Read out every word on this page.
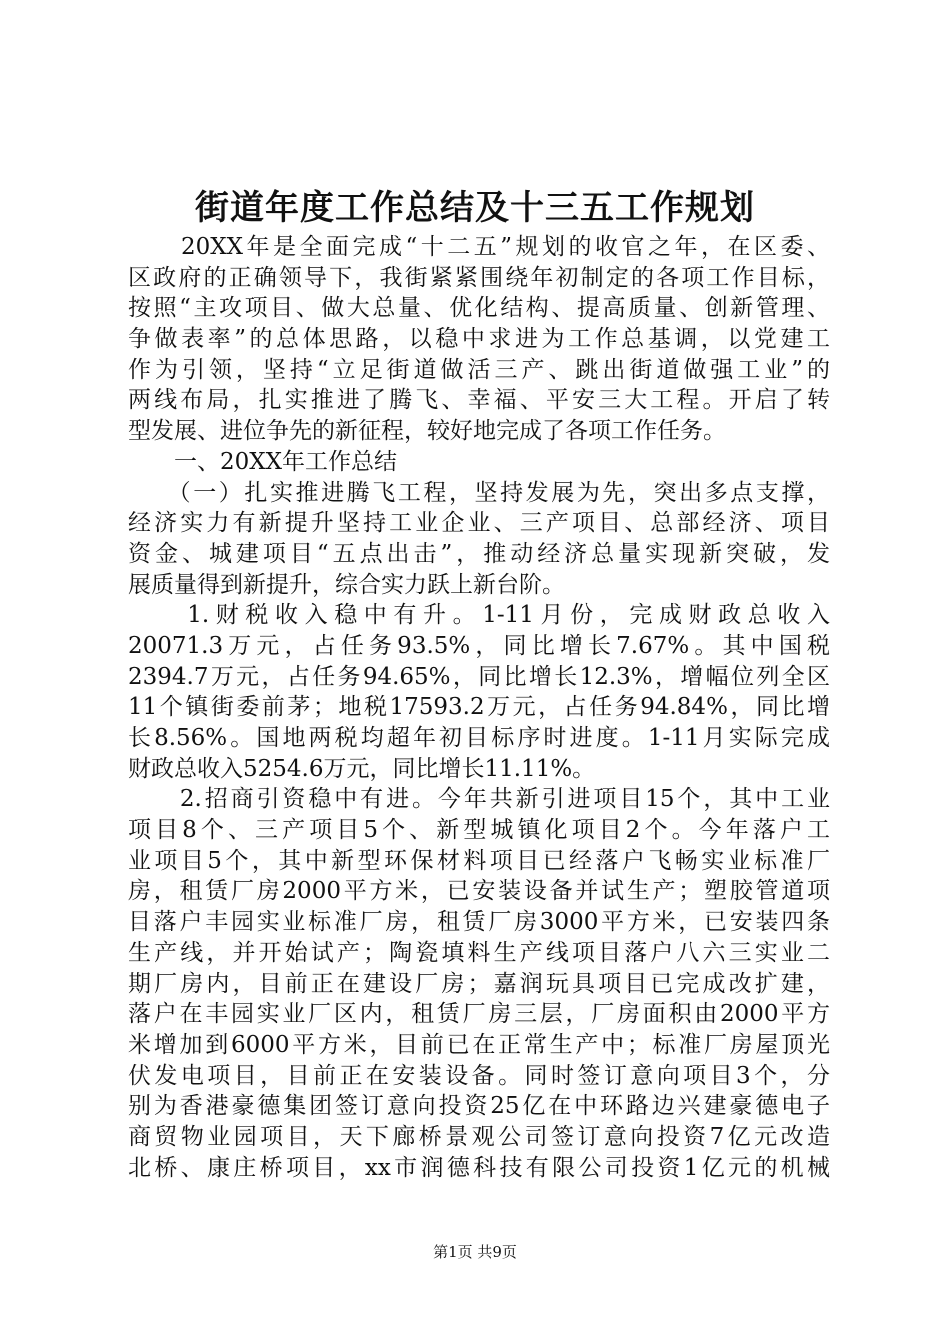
街道年度工作总结及十三五工作规划
　　20XX年是全面完成“十二五”规划的收官之年，在区委、
区政府的正确领导下，我街紧紧围绕年初制定的各项工作目标，
按照“主攻项目、做大总量、优化结构、提高质量、创新管理、
争做表率”的总体思路，以稳中求进为工作总基调，以党建工
作为引领，坚持“立足街道做活三产、跳出街道做强工业”的
两线布局，扎实推进了腾飞、幸福、平安三大工程。开启了转
型发展、进位争先的新征程，较好地完成了各项工作任务。
　　一、20XX年工作总结
　　（一）扎实推进腾飞工程，坚持发展为先，突出多点支撑，
经济实力有新提升坚持工业企业、三产项目、总部经济、项目
资金、城建项目“五点出击”，推动经济总量实现新突破，发
展质量得到新提升，综合实力跃上新台阶。
　　1.财税收入稳中有升。1-11月份，完成财政总收入
20071.3万元，占任务93.5%，同比增长7.67%。其中国税
2394.7万元，占任务94.65%，同比增长12.3%，增幅位列全区
11个镇街委前茅；地税17593.2万元，占任务94.84%，同比增
长8.56%。国地两税均超年初目标序时进度。1-11月实际完成
财政总收入5254.6万元，同比增长11.11%。
　　2.招商引资稳中有进。今年共新引进项目15个，其中工业
项目8个、三产项目5个、新型城镇化项目2个。今年落户工
业项目5个，其中新型环保材料项目已经落户飞畅实业标准厂
房，租赁厂房2000平方米，已安装设备并试生产；塑胶管道项
目落户丰园实业标准厂房，租赁厂房3000平方米，已安装四条
生产线，并开始试产；陶瓷填料生产线项目落户八六三实业二
期厂房内，目前正在建设厂房；嘉润玩具项目已完成改扩建，
落户在丰园实业厂区内，租赁厂房三层，厂房面积由2000平方
米增加到6000平方米，目前已在正常生产中；标准厂房屋顶光
伏发电项目，目前正在安装设备。同时签订意向项目3个，分
别为香港豪德集团签订意向投资25亿在中环路边兴建豪德电子
商贸物业园项目，天下廊桥景观公司签订意向投资7亿元改造
北桥、康庄桥项目，xx市润德科技有限公司投资1亿元的机械
第1页 共9页
